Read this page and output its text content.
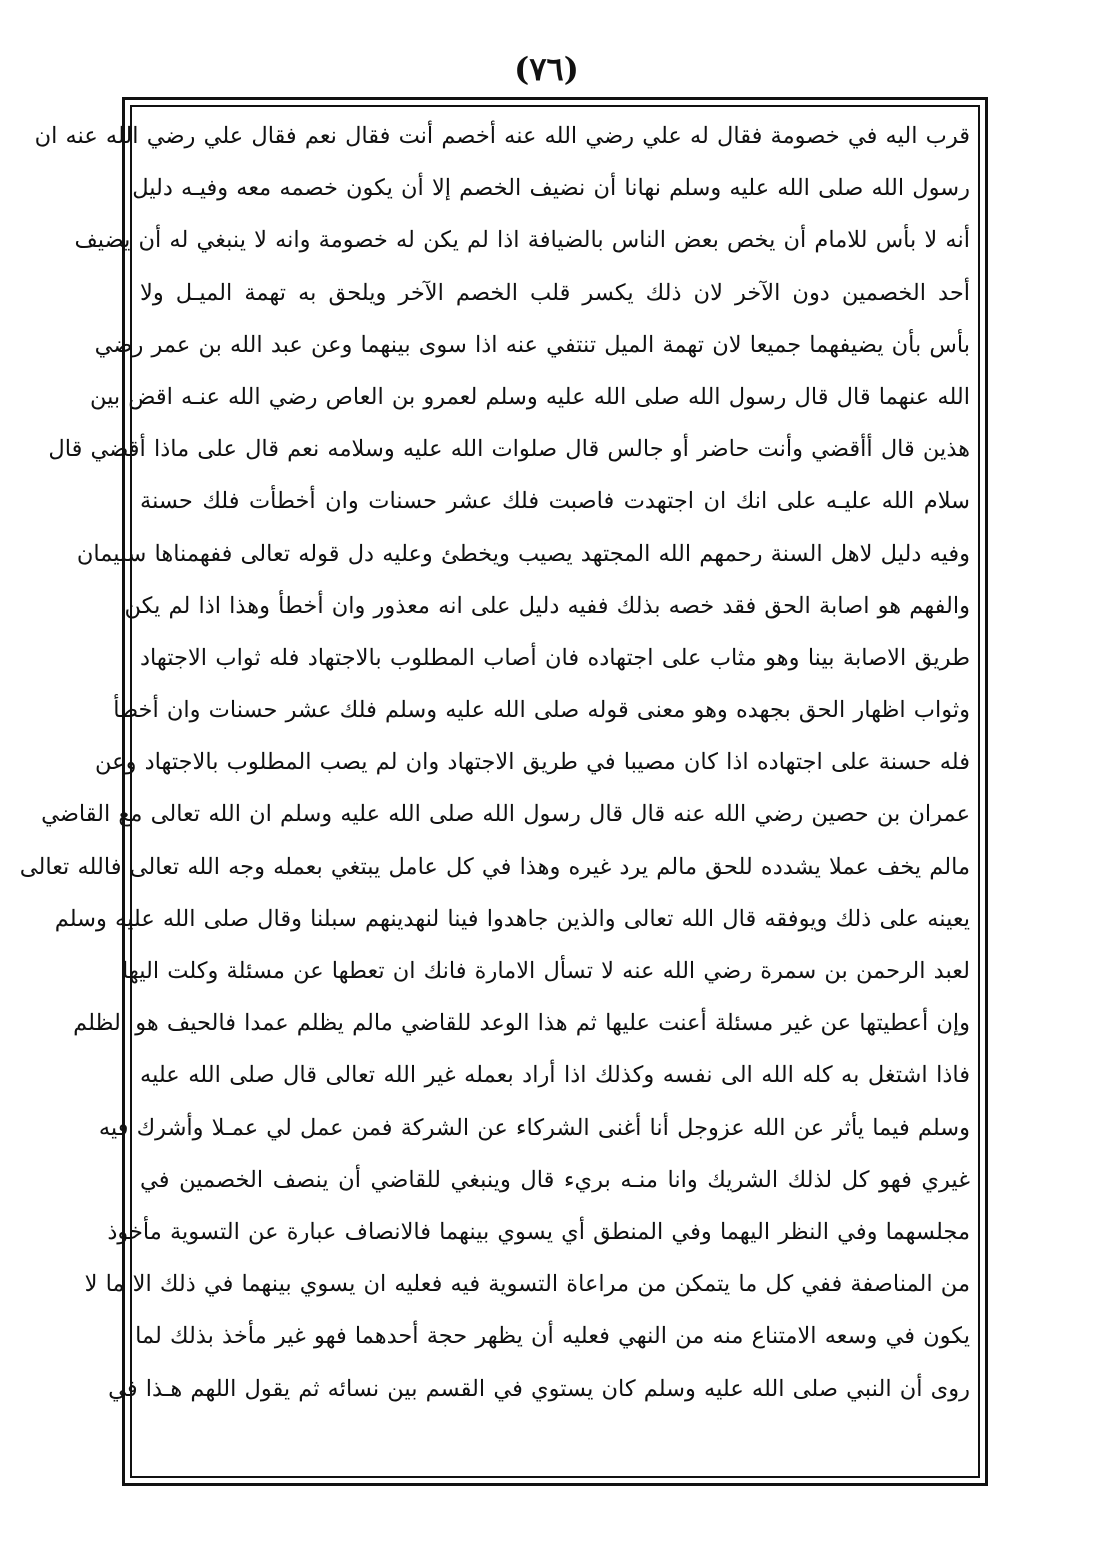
(٧٦)
قرب اليه في خصومة فقال له علي رضي الله عنه أخصم أنت فقال نعم فقال علي رضي الله عنه ان
رسول الله صلى الله عليه وسلم نهانا أن نضيف الخصم إلا أن يكون خصمه معه وفيـه دليل
أنه لا بأس للامام أن يخص بعض الناس بالضيافة اذا لم يكن له خصومة وانه لا ينبغي له أن يضيف
أحد الخصمين دون الآخر لان ذلك يكسر قلب الخصم الآخر ويلحق به تهمة الميـل ولا
بأس بأن يضيفهما جميعا لان تهمة الميل تنتفي عنه اذا سوى بينهما وعن عبد الله بن عمر رضي
الله عنهما قال قال رسول الله صلى الله عليه وسلم لعمرو بن العاص رضي الله عنـه اقض بين
هذين قال أأقضي وأنت حاضر أو جالس قال صلوات الله عليه وسلامه نعم قال على ماذا أقضي قال
سلام الله عليـه على انك ان اجتهدت فاصبت فلك عشر حسنات وان أخطأت فلك حسنة
وفيه دليل لاهل السنة رحمهم الله المجتهد يصيب ويخطئ وعليه دل قوله تعالى ففهمناها سليمان
والفهم هو اصابة الحق فقد خصه بذلك ففيه دليل على انه معذور وان أخطأ وهذا اذا لم يكن
طريق الاصابة بينا وهو مثاب على اجتهاده فان أصاب المطلوب بالاجتهاد فله ثواب الاجتهاد
وثواب اظهار الحق بجهده وهو معنى قوله صلى الله عليه وسلم فلك عشر حسنات وان أخطأ
فله حسنة على اجتهاده اذا كان مصيبا في طريق الاجتهاد وان لم يصب المطلوب بالاجتهاد وعن
عمران بن حصين رضي الله عنه قال قال رسول الله صلى الله عليه وسلم ان الله تعالى مع القاضي
مالم يخف عملا يشدده للحق مالم يرد غيره وهذا في كل عامل يبتغي بعمله وجه الله تعالى فالله تعالى
يعينه على ذلك ويوفقه قال الله تعالى والذين جاهدوا فينا لنهدينهم سبلنا وقال صلى الله عليه وسلم
لعبد الرحمن بن سمرة رضي الله عنه لا تسأل الامارة فانك ان تعطها عن مسئلة وكلت اليها
وإن أعطيتها عن غير مسئلة أعنت عليها ثم هذا الوعد للقاضي مالم يظلم عمدا فالحيف هو الظلم
فاذا اشتغل به كله الله الى نفسه وكذلك اذا أراد بعمله غير الله تعالى قال صلى الله عليه
وسلم فيما يأثر عن الله عزوجل أنا أغنى الشركاء عن الشركة فمن عمل لي عمـلا وأشرك فيه
غيري فهو كل لذلك الشريك وانا منـه بريء قال وينبغي للقاضي أن ينصف الخصمين في
مجلسهما وفي النظر اليهما وفي المنطق أي يسوي بينهما فالانصاف عبارة عن التسوية مأخوذ
من المناصفة ففي كل ما يتمكن من مراعاة التسوية فيه فعليه ان يسوي بينهما في ذلك الا ما لا
يكون في وسعه الامتناع منه من النهي فعليه أن يظهر حجة أحدهما فهو غير مأخذ بذلك لما
روى أن النبي صلى الله عليه وسلم كان يستوي في القسم بين نسائه ثم يقول اللهم هـذا في
